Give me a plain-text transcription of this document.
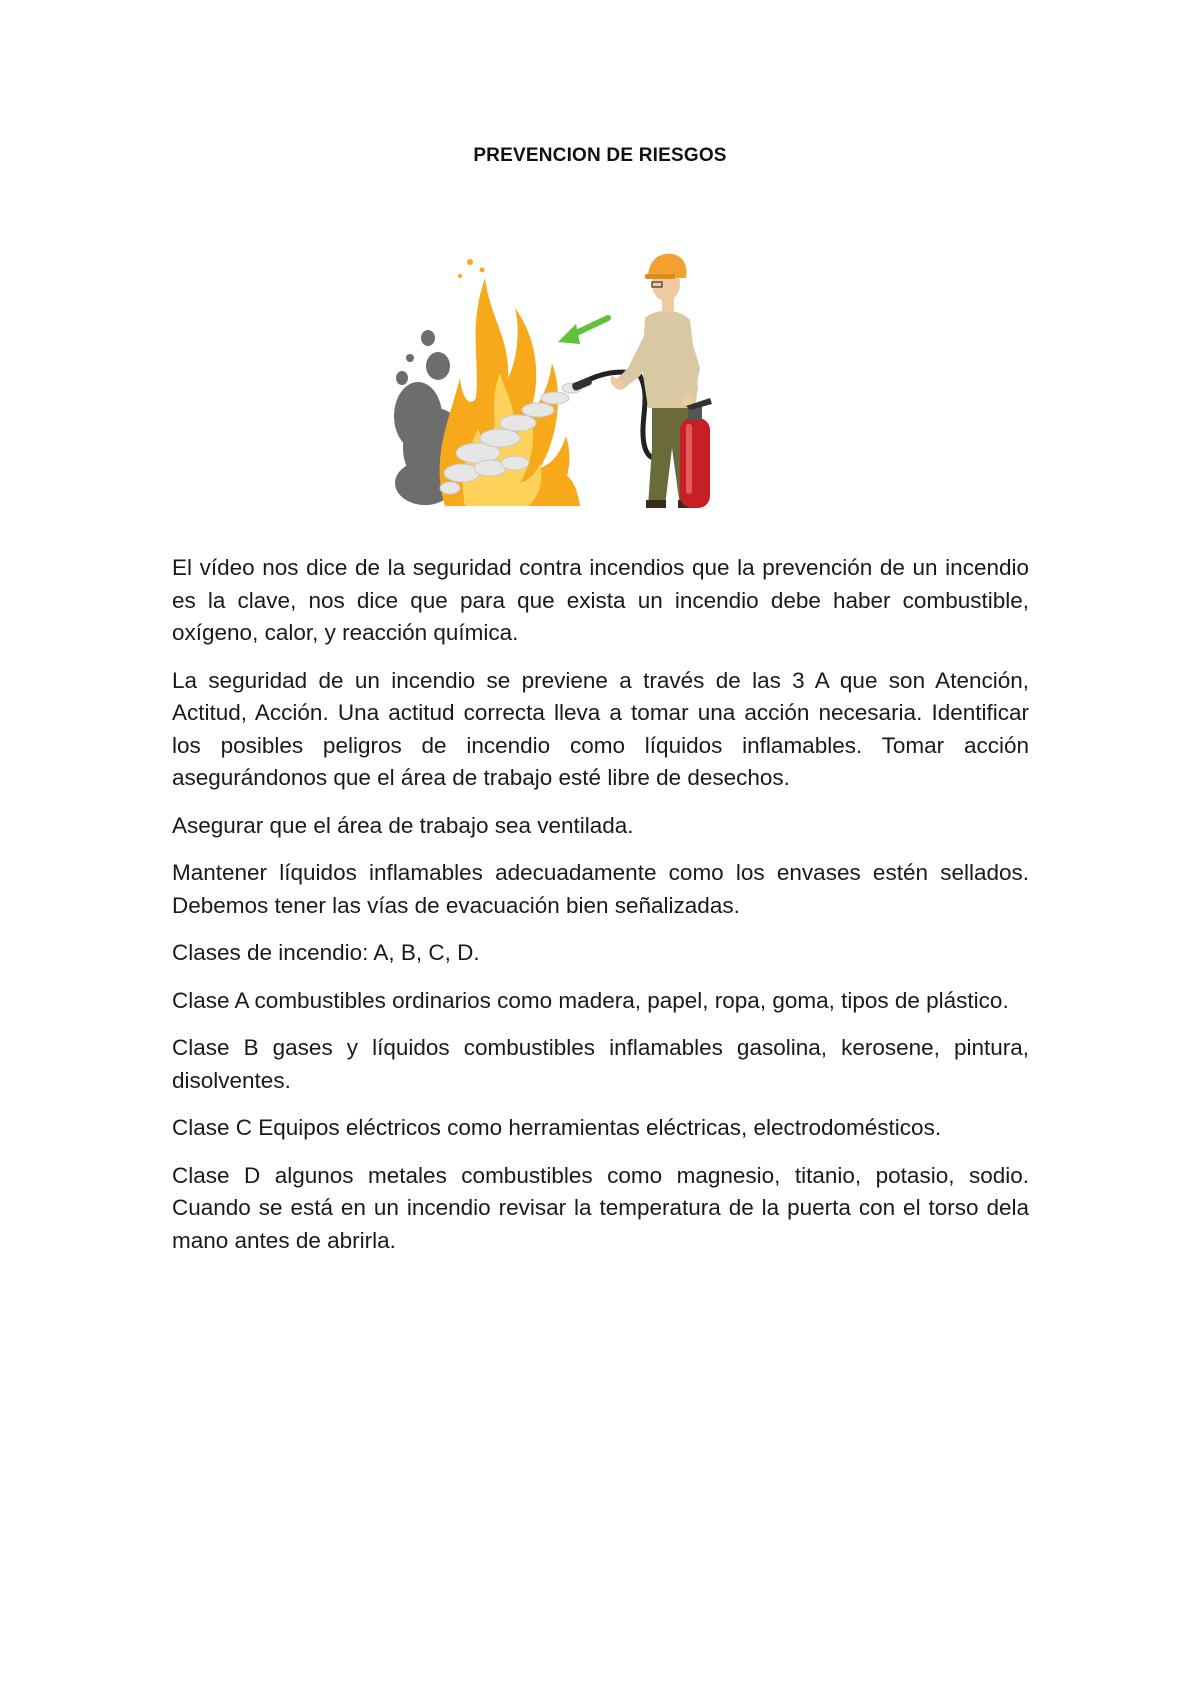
PREVENCION DE RIESGOS

El vídeo nos dice de la seguridad contra incendios que la prevención de un incendio es la clave, nos dice que para que exista un incendio debe haber combustible, oxígeno, calor, y reacción química.

La seguridad de un incendio se previene a través de las 3 A que son Atención, Actitud, Acción. Una actitud correcta lleva a tomar una acción necesaria. Identificar los posibles peligros de incendio como líquidos inflamables. Tomar acción asegurándonos que el área de trabajo esté libre de desechos.

Asegurar que el área de trabajo sea ventilada.

Mantener líquidos inflamables adecuadamente como los envases estén sellados. Debemos tener las vías de evacuación bien señalizadas.

Clases de incendio: A, B, C, D.

Clase A combustibles ordinarios como madera, papel, ropa, goma, tipos de plástico.

Clase B gases y líquidos combustibles inflamables gasolina, kerosene, pintura, disolventes.

Clase C Equipos eléctricos como herramientas eléctricas, electrodomésticos.

Clase D algunos metales combustibles como magnesio, titanio, potasio, sodio. Cuando se está en un incendio revisar la temperatura de la puerta con el torso dela mano antes de abrirla.
